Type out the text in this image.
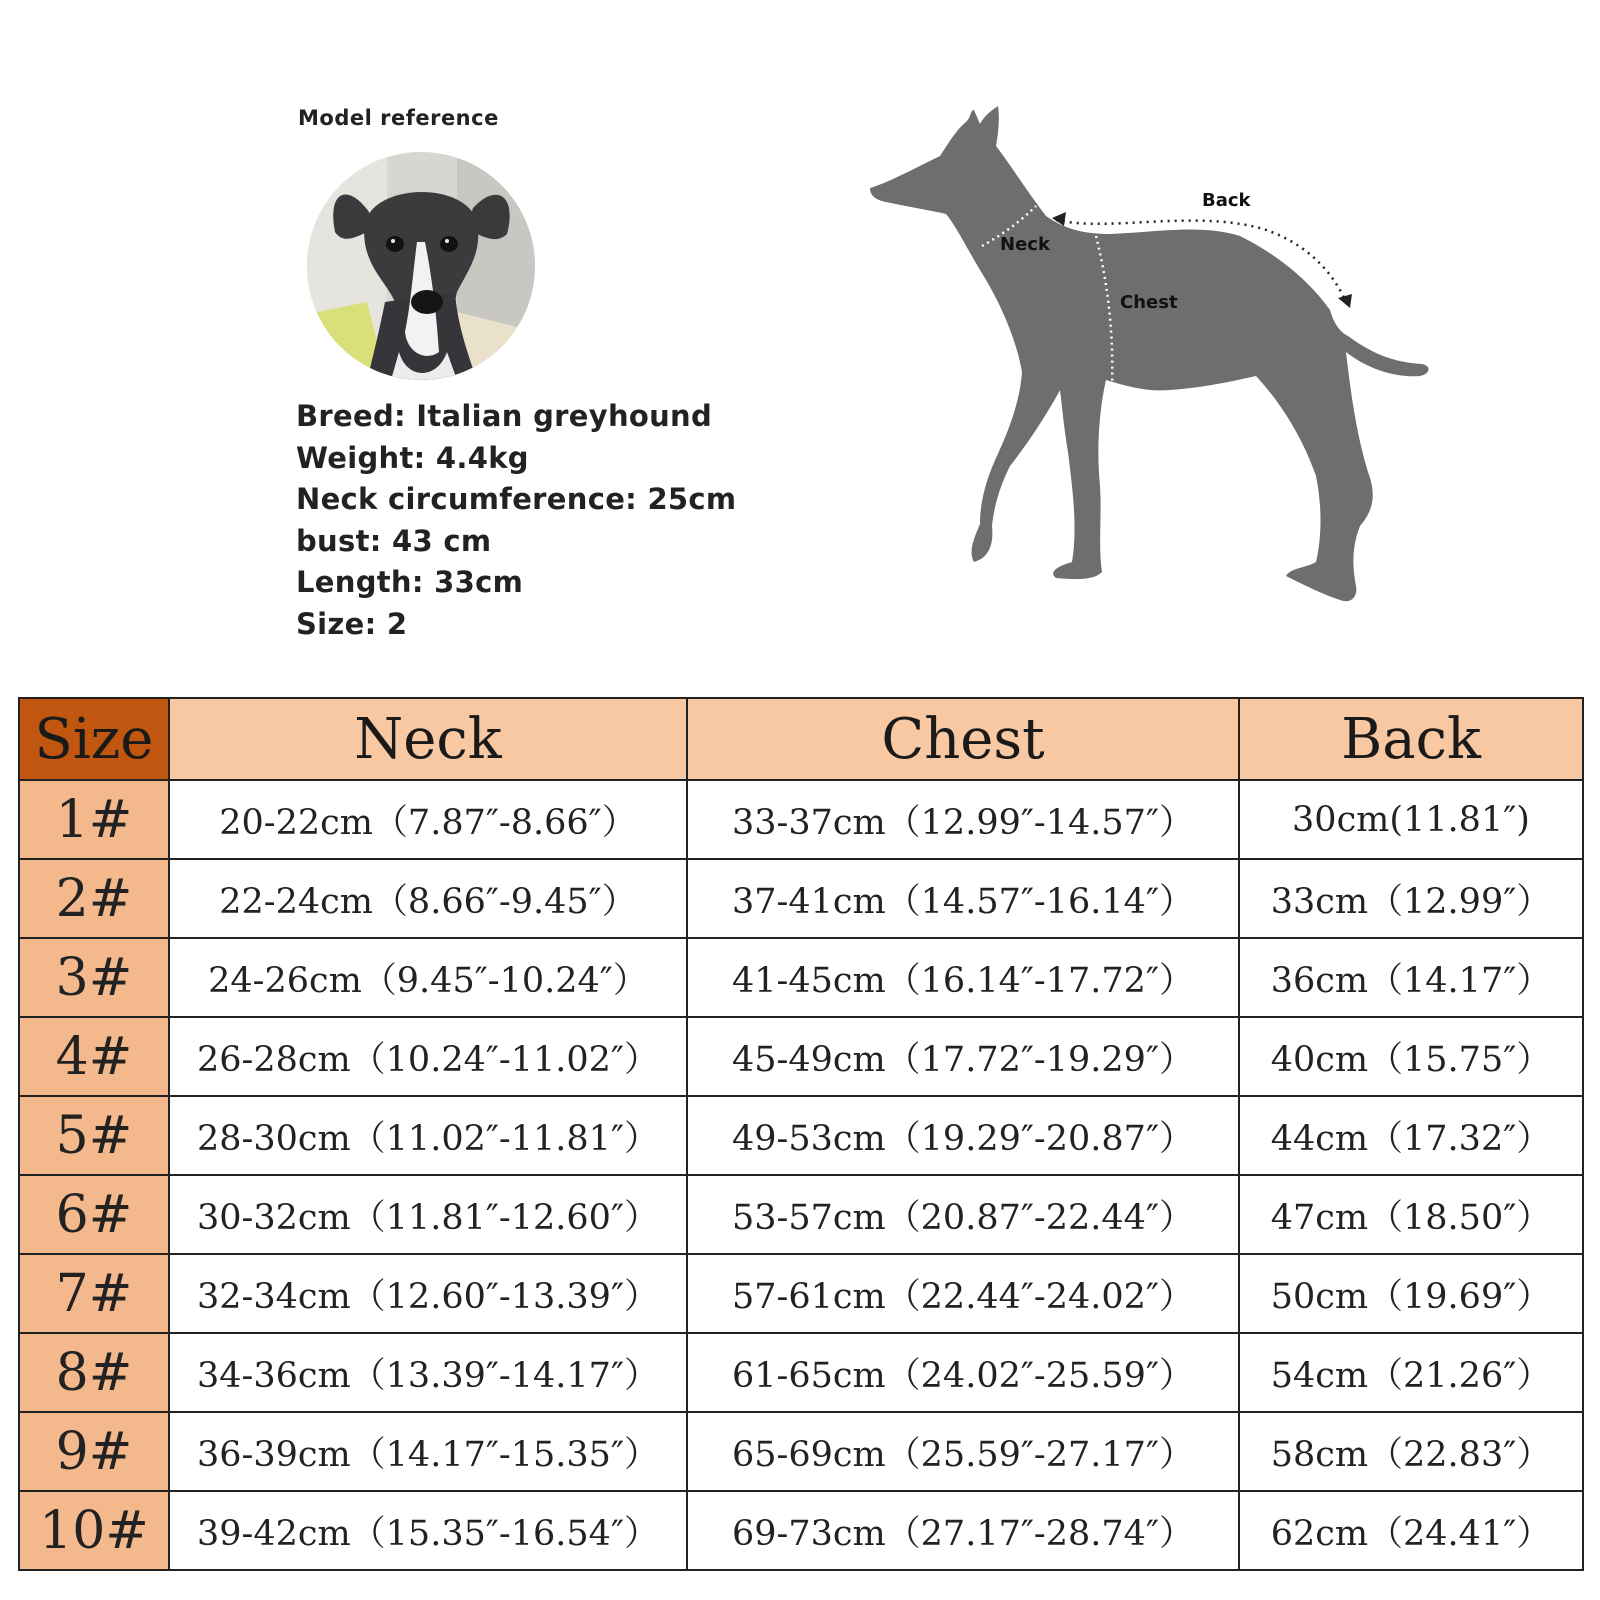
Model reference
Breed: Italian greyhound
Weight: 4.4kg
Neck circumference: 25cm
bust: 43 cm
Length: 33cm
Size: 2
Back
Neck
Chest
Size	Neck	Chest	Back
1#	20-22cm（7.87″-8.66″）	33-37cm（12.99″-14.57″）	30cm(11.81″)
2#	22-24cm（8.66″-9.45″）	37-41cm（14.57″-16.14″）	33cm（12.99″）
3#	24-26cm（9.45″-10.24″）	41-45cm（16.14″-17.72″）	36cm（14.17″）
4#	26-28cm（10.24″-11.02″）	45-49cm（17.72″-19.29″）	40cm（15.75″）
5#	28-30cm（11.02″-11.81″）	49-53cm（19.29″-20.87″）	44cm（17.32″）
6#	30-32cm（11.81″-12.60″）	53-57cm（20.87″-22.44″）	47cm（18.50″）
7#	32-34cm（12.60″-13.39″）	57-61cm（22.44″-24.02″）	50cm（19.69″）
8#	34-36cm（13.39″-14.17″）	61-65cm（24.02″-25.59″）	54cm（21.26″）
9#	36-39cm（14.17″-15.35″）	65-69cm（25.59″-27.17″）	58cm（22.83″）
10#	39-42cm（15.35″-16.54″）	69-73cm（27.17″-28.74″）	62cm（24.41″）
